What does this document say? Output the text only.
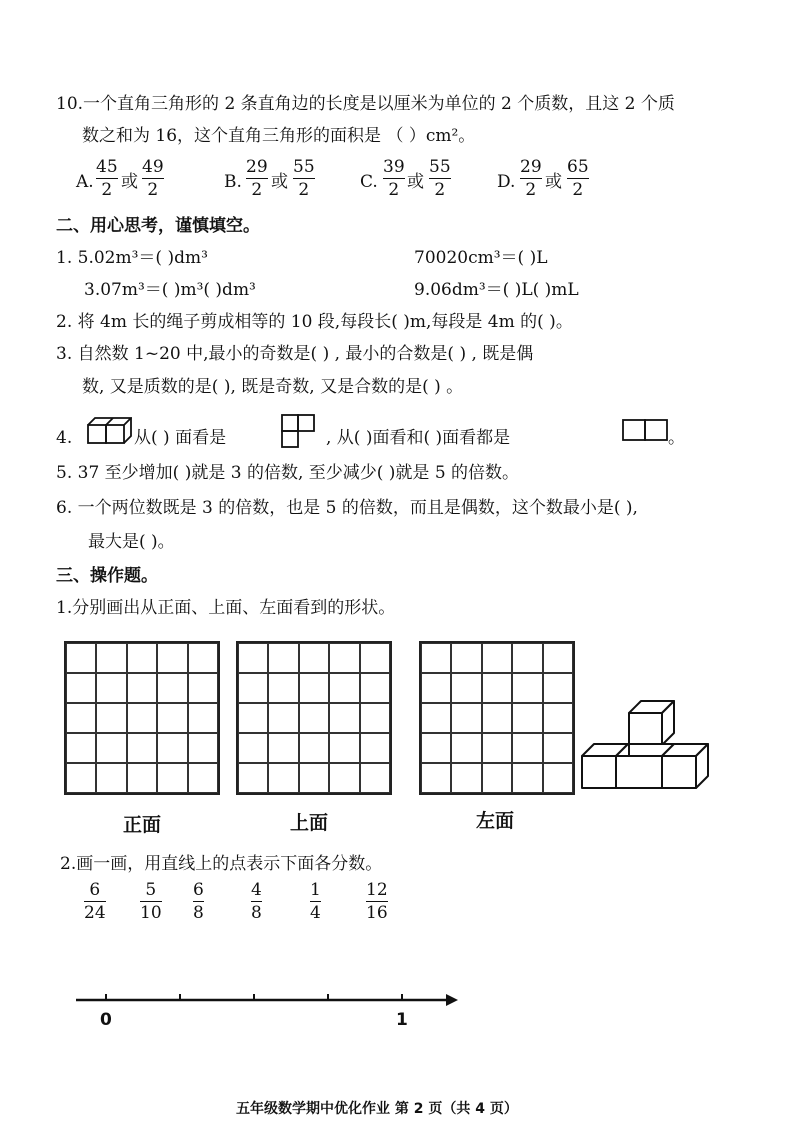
10.一个直角三角形的 2 条直角边的长度是以厘米为单位的 2 个质数，且这 2 个质
数之和为 16，这个直角三角形的面积是 （ ）cm²。
A.
45
2 或
49
2	B.
29
2 或
55
2	C.
39
2 或
55
2	D.
29
2 或
65
2
二、用心思考，谨慎填空。
1. 5.02m³＝( )dm³	70020cm³＝( )L
3.07m³＝( )m³( )dm³	9.06dm³＝( )L( )mL
2. 将 4m 长的绳子剪成相等的 10 段,每段长( )m,每段是 4m 的( )。
3. 自然数 1~20 中,最小的奇数是( ) , 最小的合数是( ) , 既是偶
数, 又是质数的是( ), 既是奇数, 又是合数的是( ) 。
4.	从( ) 面看是	, 从( )面看和( )面看都是	。
5. 37 至少增加( )就是 3 的倍数, 至少减少( )就是 5 的倍数。
6. 一个两位数既是 3 的倍数，也是 5 的倍数，而且是偶数，这个数最小是( ),
最大是( )。
三、操作题。
1.分别画出从正面、上面、左面看到的形状。
正面	上面	左面
2.画一画，用直线上的点表示下面各分数。
6
24
5
10
6
8
4
8
1
4
12
16
0	1
五年级数学期中优化作业 第 2 页（共 4 页）
